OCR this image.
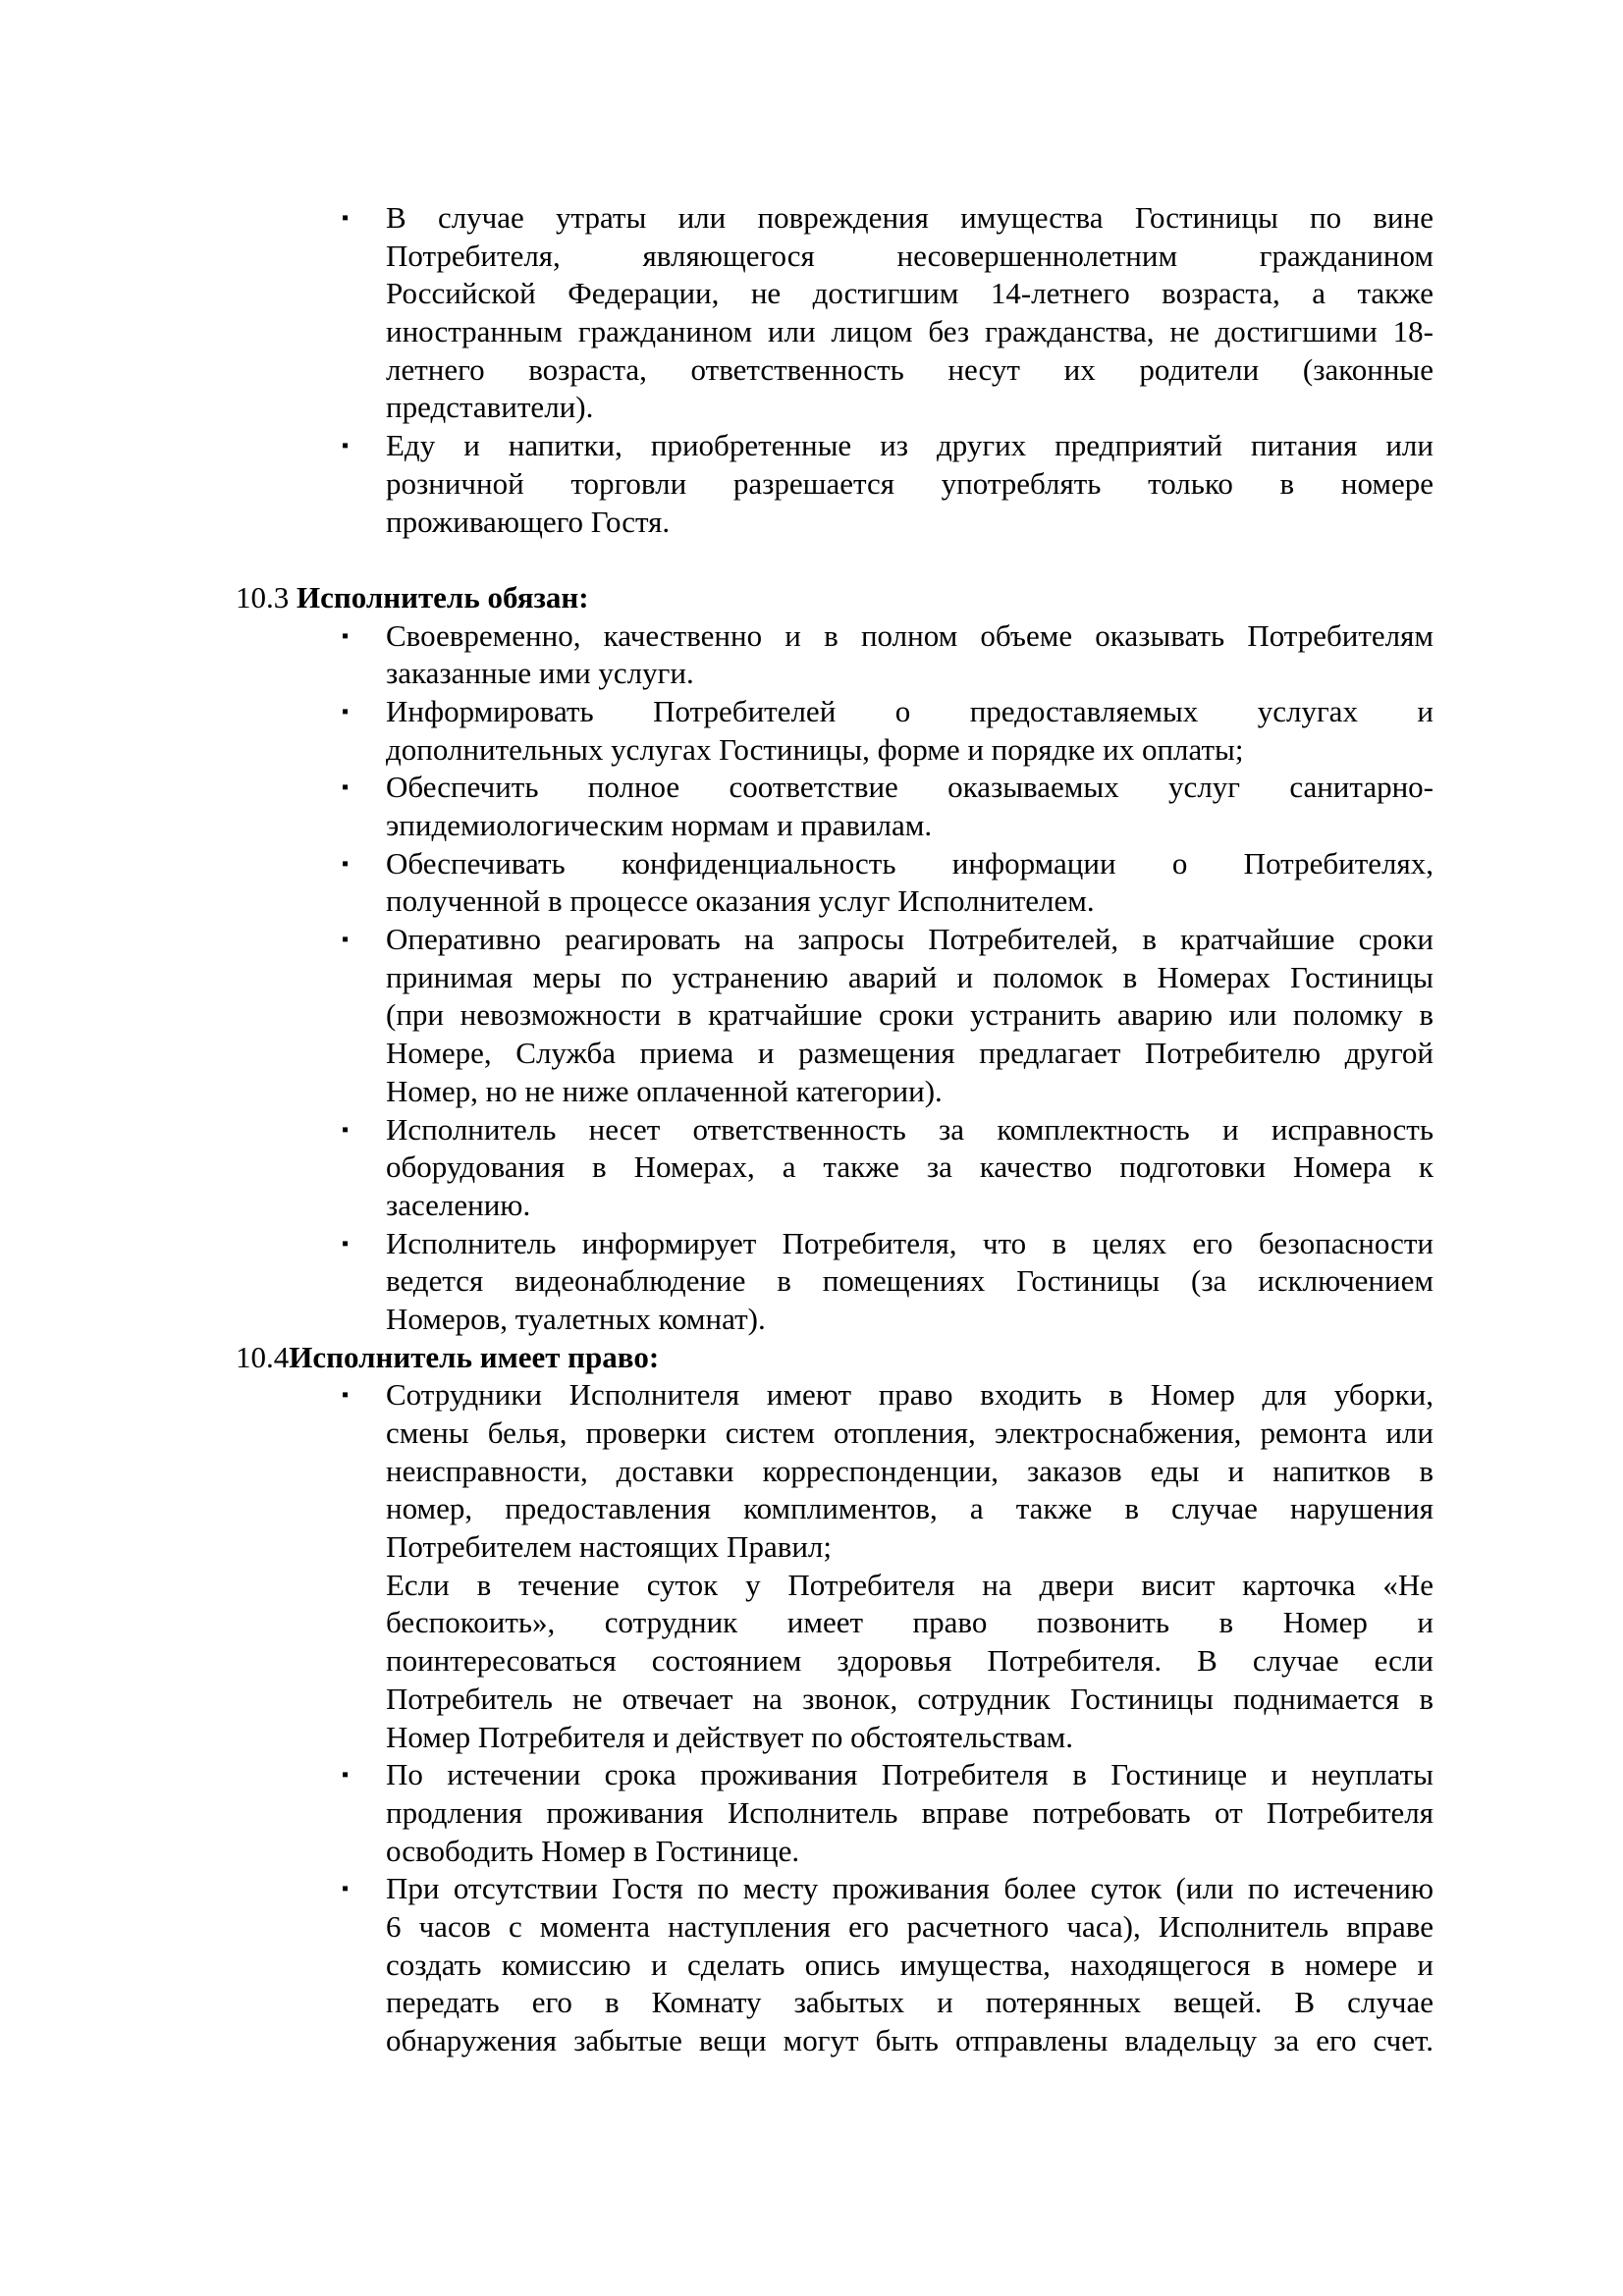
▪ В случае утраты или повреждения имущества Гостиницы по вине
Потребителя, являющегося несовершеннолетним гражданином
Российской Федерации, не достигшим 14-летнего возраста, а также
иностранным гражданином или лицом без гражданства, не достигшими 18-
летнего возраста, ответственность несут их родители (законные
представители).
▪ Еду и напитки, приобретенные из других предприятий питания или
розничной торговли разрешается употреблять только в номере
проживающего Гостя.
10.3 Исполнитель обязан:
▪ Своевременно, качественно и в полном объеме оказывать Потребителям
заказанные ими услуги.
▪ Информировать Потребителей о предоставляемых услугах и
дополнительных услугах Гостиницы, форме и порядке их оплаты;
▪ Обеспечить полное соответствие оказываемых услуг санитарно-
эпидемиологическим нормам и правилам.
▪ Обеспечивать конфиденциальность информации о Потребителях,
полученной в процессе оказания услуг Исполнителем.
▪ Оперативно реагировать на запросы Потребителей, в кратчайшие сроки
принимая меры по устранению аварий и поломок в Номерах Гостиницы
(при невозможности в кратчайшие сроки устранить аварию или поломку в
Номере, Служба приема и размещения предлагает Потребителю другой
Номер, но не ниже оплаченной категории).
▪ Исполнитель несет ответственность за комплектность и исправность
оборудования в Номерах, а также за качество подготовки Номера к
заселению.
▪ Исполнитель информирует Потребителя, что в целях его безопасности
ведется видеонаблюдение в помещениях Гостиницы (за исключением
Номеров, туалетных комнат).
10.4Исполнитель имеет право:
▪ Сотрудники Исполнителя имеют право входить в Номер для уборки,
смены белья, проверки систем отопления, электроснабжения, ремонта или
неисправности, доставки корреспонденции, заказов еды и напитков в
номер, предоставления комплиментов, а также в случае нарушения
Потребителем настоящих Правил;
Если в течение суток у Потребителя на двери висит карточка «Не
беспокоить», сотрудник имеет право позвонить в Номер и
поинтересоваться состоянием здоровья Потребителя. В случае если
Потребитель не отвечает на звонок, сотрудник Гостиницы поднимается в
Номер Потребителя и действует по обстоятельствам.
▪ По истечении срока проживания Потребителя в Гостинице и неуплаты
продления проживания Исполнитель вправе потребовать от Потребителя
освободить Номер в Гостинице.
▪ При отсутствии Гостя по месту проживания более суток (или по истечению
6 часов с момента наступления его расчетного часа), Исполнитель вправе
создать комиссию и сделать опись имущества, находящегося в номере и
передать его в Комнату забытых и потерянных вещей. В случае
обнаружения забытые вещи могут быть отправлены владельцу за его счет.
